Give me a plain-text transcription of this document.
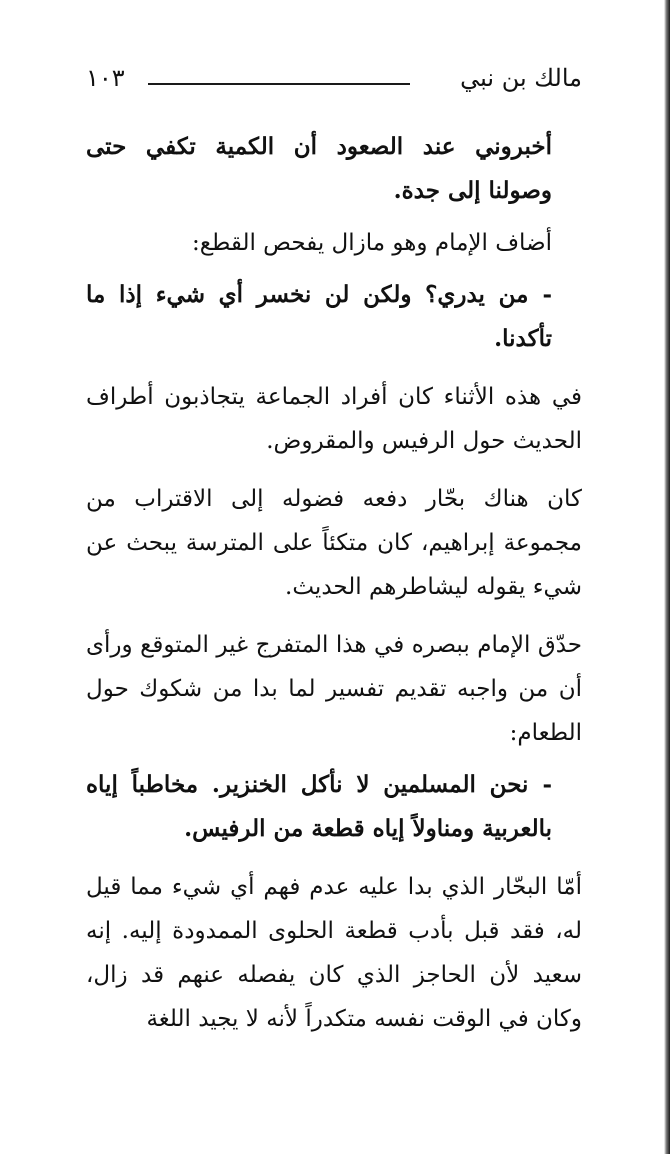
١٠٣	مالك بن نبي

أخبروني عند الصعود أن الكمية تكفي حتى وصولنا إلى جدة.

أضاف الإمام وهو مازال يفحص القطع:

-من يدري؟ ولكن لن نخسر أي شيء إذا ما تأكدنا.

في هذه الأثناء كان أفراد الجماعة يتجاذبون أطراف الحديث حول الرفيس والمقروض.

كان هناك بحّار دفعه فضوله إلى الاقتراب من مجموعة إبراهيم، كان متكئاً على المترسة يبحث عن شيء يقوله ليشاطرهم الحديث.

حدّق الإمام ببصره في هذا المتفرج غير المتوقع ورأى أن من واجبه تقديم تفسير لما بدا من شكوك حول الطعام:

-نحن المسلمين لا نأكل الخنزير. مخاطباً إياه بالعربية ومناولاً إياه قطعة من الرفيس.

أمّا البحّار الذي بدا عليه عدم فهم أي شيء مما قيل له، فقد قبل بأدب قطعة الحلوى الممدودة إليه. إنه سعيد لأن الحاجز الذي كان يفصله عنهم قد زال، وكان في الوقت نفسه متكدراً لأنه لا يجيد اللغة
